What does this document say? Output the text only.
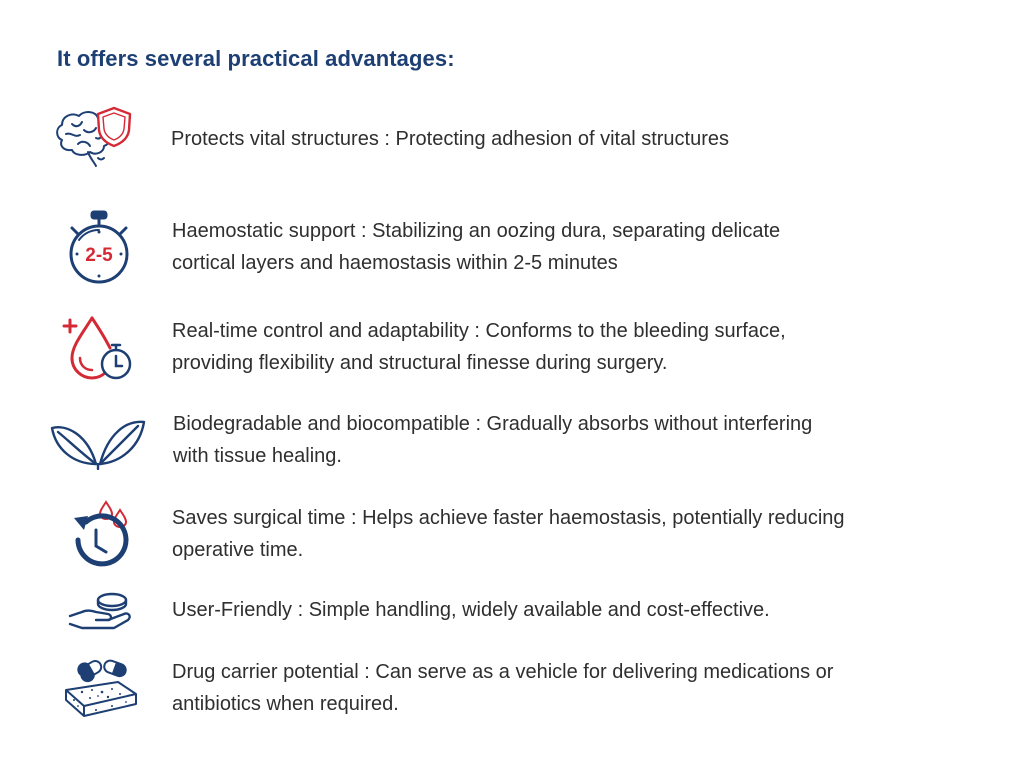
It offers several practical advantages:
Protects vital structures : Protecting adhesion of vital structures
2-5
Haemostatic support : Stabilizing an oozing dura, separating delicate
cortical layers and haemostasis within 2-5 minutes
Real-time control and adaptability : Conforms to the bleeding surface,
providing flexibility and structural finesse during surgery.
Biodegradable and biocompatible : Gradually absorbs without interfering
with tissue healing.
Saves surgical time : Helps achieve faster haemostasis, potentially reducing
operative time.
User-Friendly : Simple handling, widely available and cost-effective.
Drug carrier potential : Can serve as a vehicle for delivering medications or
antibiotics when required.
